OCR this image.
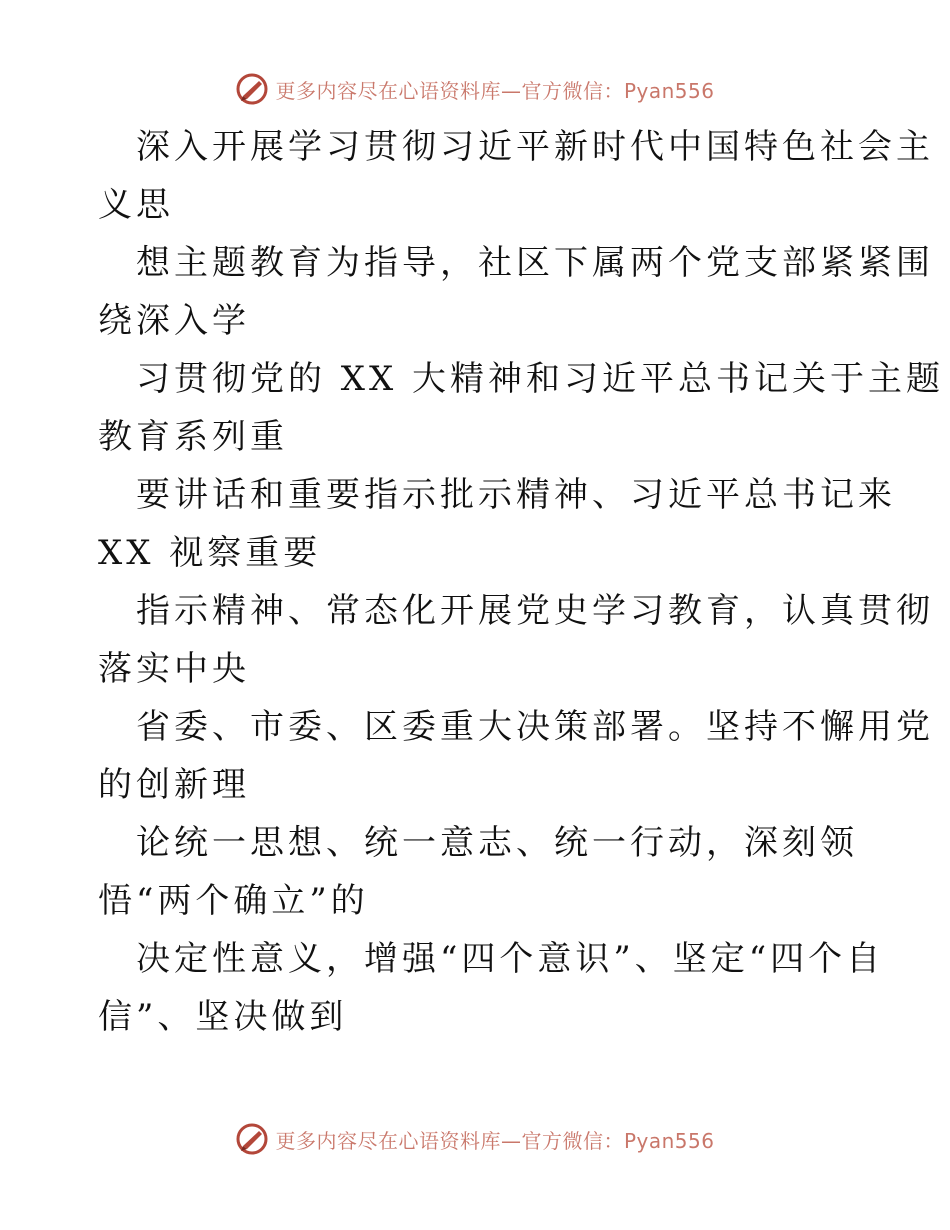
更多内容尽在心语资料库—官方微信：Pyan556
深入开展学习贯彻习近平新时代中国特色社会主
义思
想主题教育为指导，社区下属两个党支部紧紧围
绕深入学
习贯彻党的 XX 大精神和习近平总书记关于主题
教育系列重
要讲话和重要指示批示精神、习近平总书记来
XX 视察重要
指示精神、常态化开展党史学习教育，认真贯彻
落实中央
省委、市委、区委重大决策部署。坚持不懈用党
的创新理
论统一思想、统一意志、统一行动，深刻领
悟“两个确立”的
决定性意义，增强“四个意识”、坚定“四个自
信”、坚决做到
更多内容尽在心语资料库—官方微信：Pyan556
